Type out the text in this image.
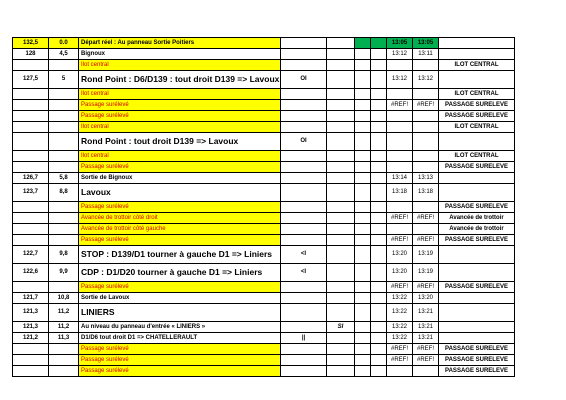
132,5	0.0	Départ réel : Au panneau Sortie Poitiers					13:05	13:05	
128	4,5	Bignoux					13:12	13:11	
		Ilot central							ILOT CENTRAL
127,5	5	Rond Point : D6/D139 : tout droit D139 => Lavoux	OI				13:12	13:12	
		Ilot central							ILOT CENTRAL
		Passage surélevé					#REF!	#REF!	PASSAGE SURELEVE
		Passage surélevé							PASSAGE SURELEVE
		Ilot central							ILOT CENTRAL
		Rond Point : tout droit D139 => Lavoux	OI						
		Ilot central							ILOT CENTRAL
		Passage surélevé							PASSAGE SURELEVE
126,7	5,8	Sortie de Bignoux					13:14	13:13	
123,7	8,8	Lavoux					13:18	13:18	
		Passage surélevé							PASSAGE SURELEVE
		Avancée de trottoir côté droit					#REF!	#REF!	Avancée de trottoir
		Avancée de trottoir côté gauche							Avancée de trottoir
		Passage surélevé					#REF!	#REF!	PASSAGE SURELEVE
122,7	9,8	STOP : D139/D1 tourner à gauche D1 => Liniers	<I				13:20	13:19	
122,6	9,9	CDP : D1/D20 tourner à gauche D1 => Liniers	<I				13:20	13:19	
		Passage surélevé					#REF!	#REF!	PASSAGE SURELEVE
121,7	10,8	Sortie de Lavoux					13:22	13:20	
121,3	11,2	LINIERS					13:22	13:21	
121,3	11,2	Au niveau du panneau d'entrée « LINIERS »		SI			13:22	13:21	
121,2	11,3	D1/D6 tout droit D1 => CHATELLERAULT	||				13:22	13:21	
		Passage surélevé					#REF!	#REF!	PASSAGE SURELEVE
		Passage surélevé					#REF!	#REF!	PASSAGE SURELEVE
		Passage surélevé							PASSAGE SURELEVE
